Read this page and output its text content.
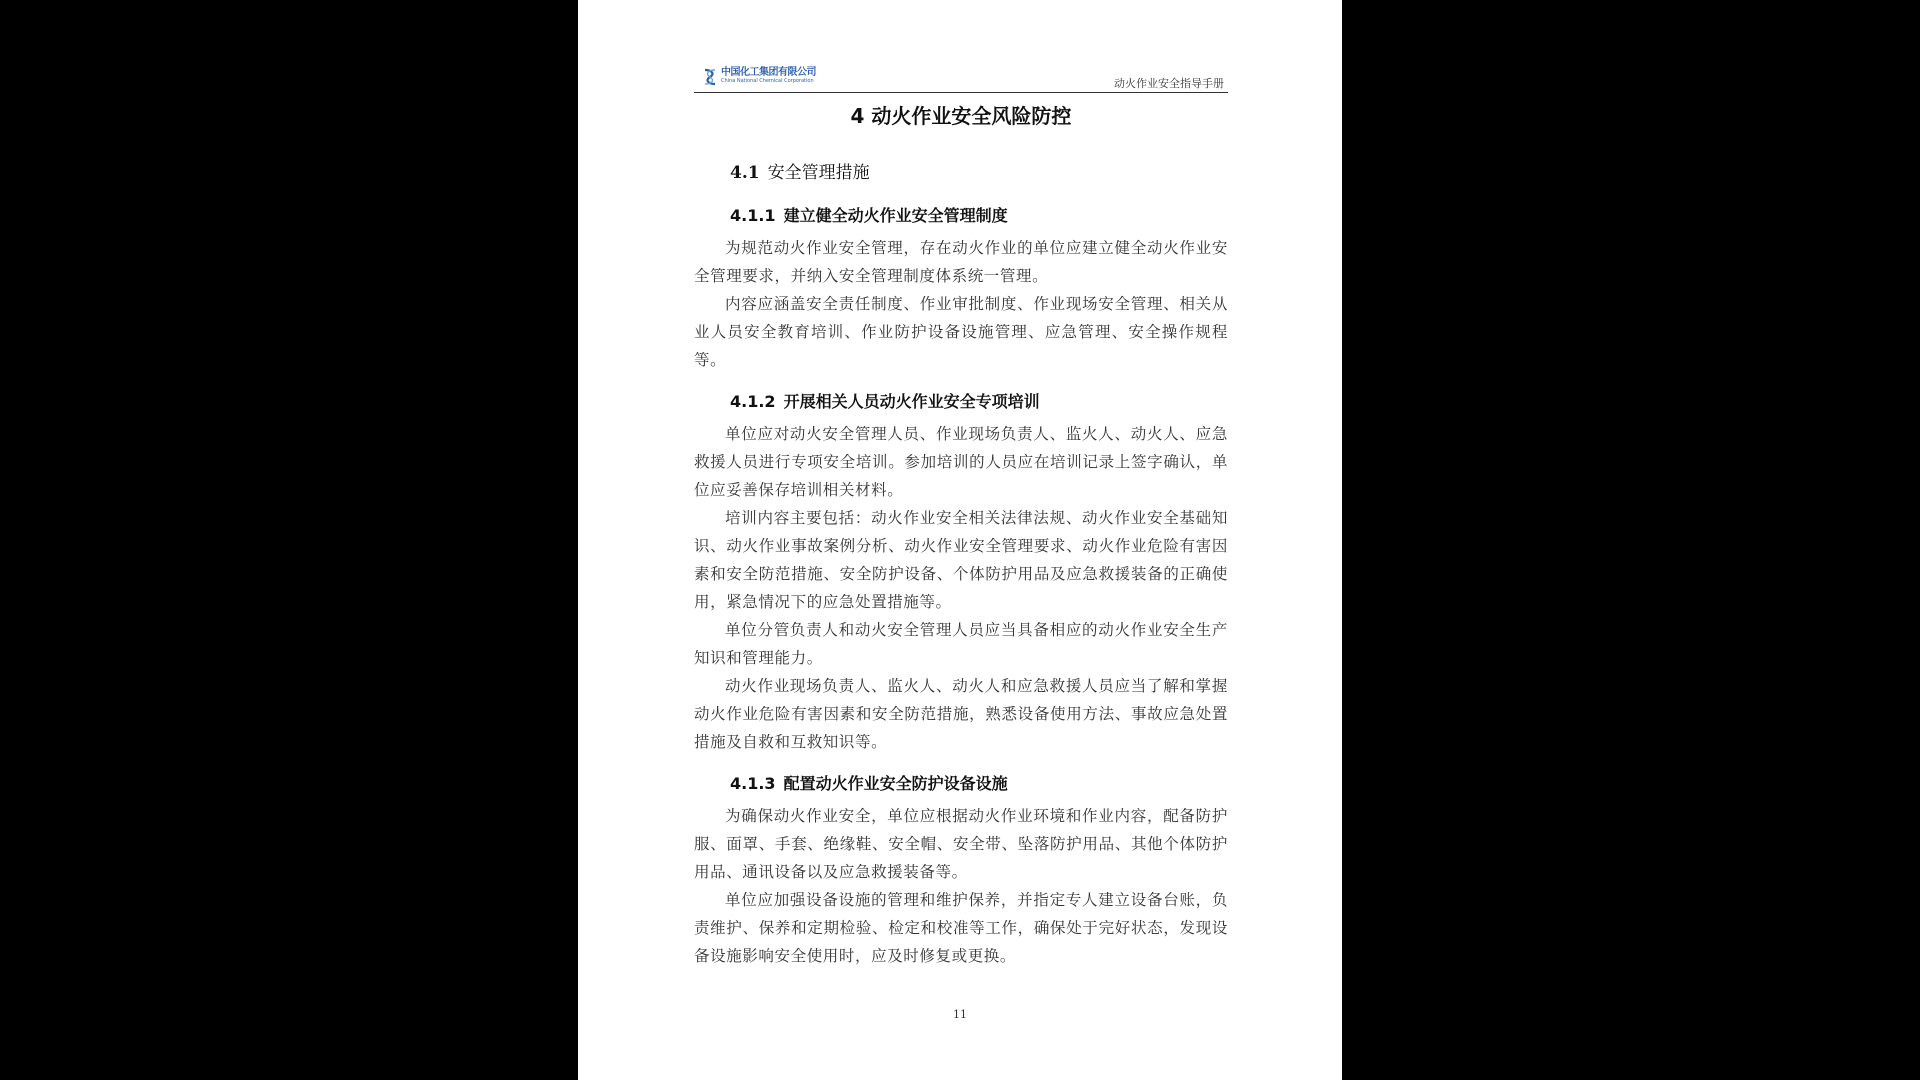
中国化工集团有限公司
China National Chemical Corporation	动火作业安全指导手册
4 动火作业安全风险防控
4.1 安全管理措施
4.1.1 建立健全动火作业安全管理制度

为规范动火作业安全管理，存在动火作业的单位应建立健全动火作业安全管理要求，并纳入安全管理制度体系统一管理。

内容应涵盖安全责任制度、作业审批制度、作业现场安全管理、相关从业人员安全教育培训、作业防护设备设施管理、应急管理、安全操作规程等。

4.1.2 开展相关人员动火作业安全专项培训

单位应对动火安全管理人员、作业现场负责人、监火人、动火人、应急救援人员进行专项安全培训。参加培训的人员应在培训记录上签字确认，单位应妥善保存培训相关材料。

培训内容主要包括：动火作业安全相关法律法规、动火作业安全基础知识、动火作业事故案例分析、动火作业安全管理要求、动火作业危险有害因素和安全防范措施、安全防护设备、个体防护用品及应急救援装备的正确使用，紧急情况下的应急处置措施等。

单位分管负责人和动火安全管理人员应当具备相应的动火作业安全生产知识和管理能力。

动火作业现场负责人、监火人、动火人和应急救援人员应当了解和掌握动火作业危险有害因素和安全防范措施，熟悉设备使用方法、事故应急处置措施及自救和互救知识等。

4.1.3 配置动火作业安全防护设备设施

为确保动火作业安全，单位应根据动火作业环境和作业内容，配备防护服、面罩、手套、绝缘鞋、安全帽、安全带、坠落防护用品、其他个体防护用品、通讯设备以及应急救援装备等。

单位应加强设备设施的管理和维护保养，并指定专人建立设备台账，负责维护、保养和定期检验、检定和校准等工作，确保处于完好状态，发现设备设施影响安全使用时，应及时修复或更换。

11
